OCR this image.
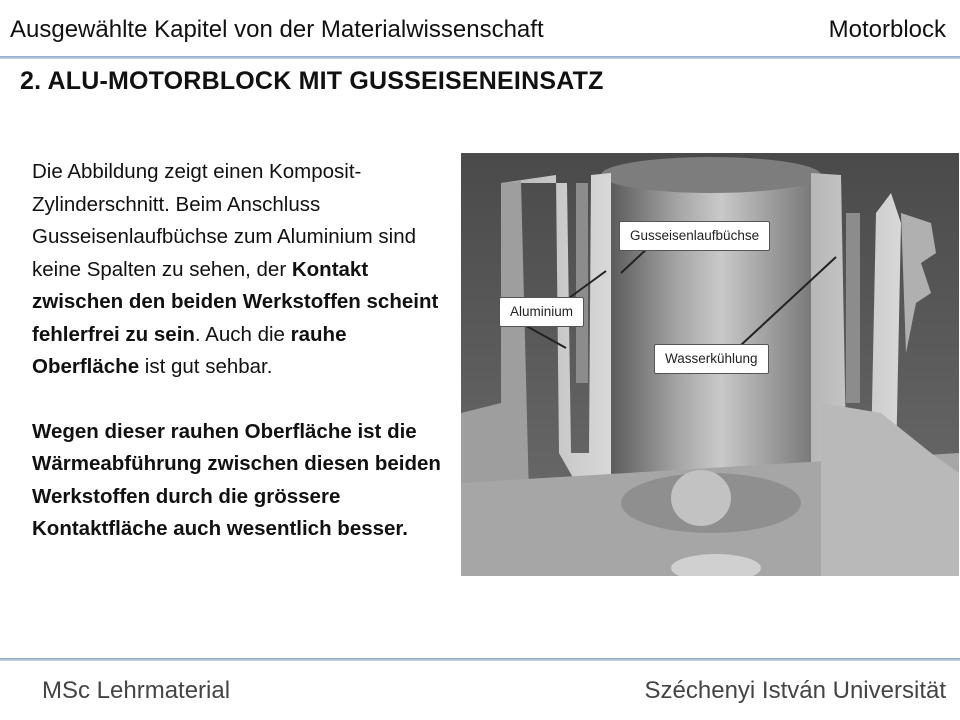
Ausgewählte Kapitel von der Materialwissenschaft	Motorblock
2. ALU-MOTORBLOCK MIT GUSSEISENEINSATZ
Die Abbildung zeigt einen Komposit-Zylinderschnitt. Beim Anschluss Gusseisenlaufbüchse zum Aluminium sind keine Spalten zu sehen, der Kontakt zwischen den beiden Werkstoffen scheint fehlerfrei zu sein. Auch die rauhe Oberfläche ist gut sehbar.
Wegen dieser rauhen Oberfläche ist die Wärmeabführung zwischen diesen beiden Werkstoffen durch die grössere Kontaktfläche auch wesentlich besser.
Gusseisenlaufbüchse
Aluminium
Wasserkühlung
MSc Lehrmaterial	Széchenyi István Universität
